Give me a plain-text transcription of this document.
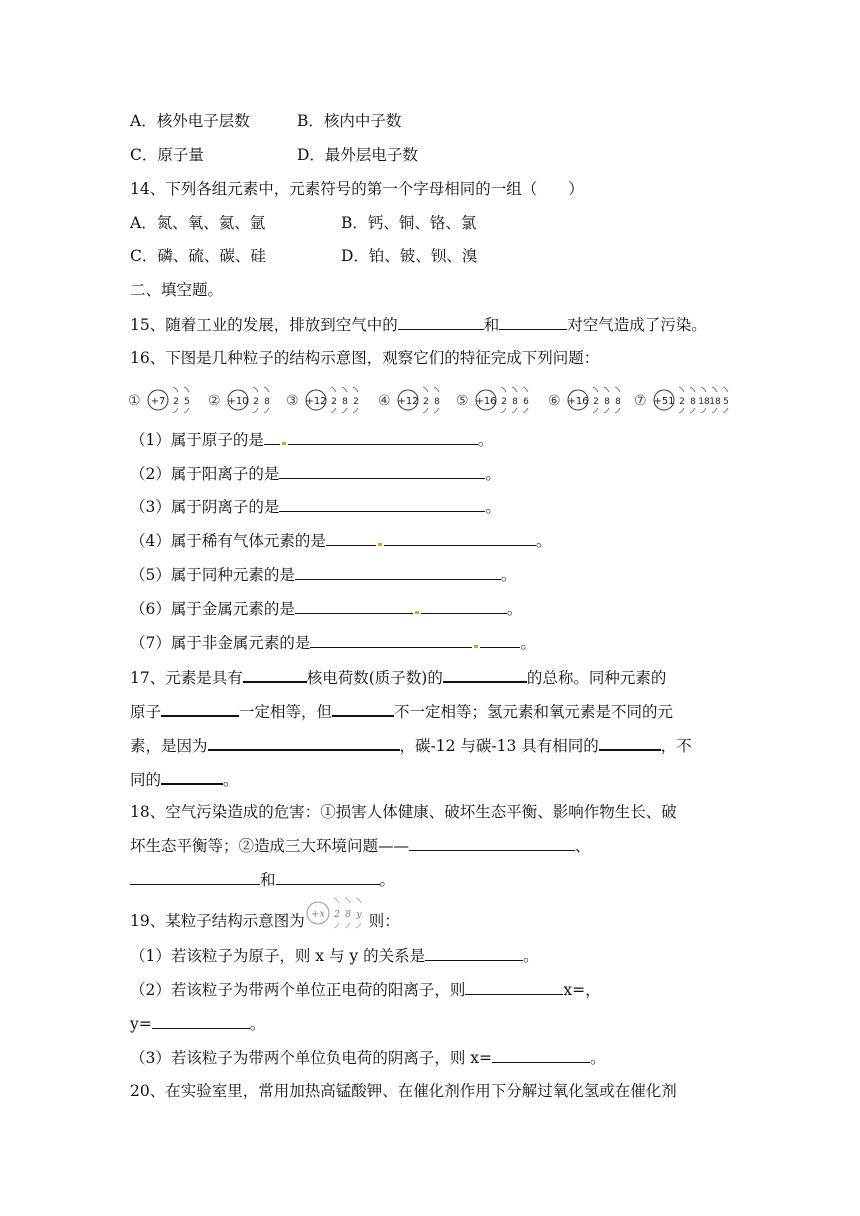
A．核外电子层数	B．核内中子数
C．原子量	D．最外层电子数
14、下列各组元素中，元素符号的第一个字母相同的一组（　　）
A．氮、氧、氦、氩	B．钙、铜、铬、氯
C．磷、硫、碳、硅	D．铂、铍、钡、溴
二、填空题。
15、随着工业的发展，排放到空气中的	和	对空气造成了污染。
16、下图是几种粒子的结构示意图，观察它们的特征完成下列问题：
① +7 2 5 ② +10 2 8 ③ +12 2 8 2 ④ +12 2 8 ⑤ +16 2 8 6 ⑥ +16 2 8 8 ⑦ +51 2 8 18 18 5
（1）属于原子的是	。
（2）属于阳离子的是	。
（3）属于阴离子的是	。
（4）属于稀有气体元素的是	。
（5）属于同种元素的是	。
（6）属于金属元素的是	。
（7）属于非金属元素的是	。
17、元素是具有	核电荷数(质子数)的	的总称。同种元素的
原子	一定相等，但	不一定相等；氢元素和氧元素是不同的元
素，是因为	，碳-12 与碳-13 具有相同的	，不
同的	。
18、空气污染造成的危害：①损害人体健康、破坏生态平衡、影响作物生长、破
坏生态平衡等；②造成三大环境问题——	、
和	。
19、某粒子结构示意图为 +x 2 8 y 则：
（1）若该粒子为原子，则 x 与 y 的关系是	。
（2）若该粒子为带两个单位正电荷的阳离子，则	x=，
y=	。
（3）若该粒子为带两个单位负电荷的阴离子，则 x=	。
20、在实验室里，常用加热高锰酸钾、在催化剂作用下分解过氧化氢或在催化剂
